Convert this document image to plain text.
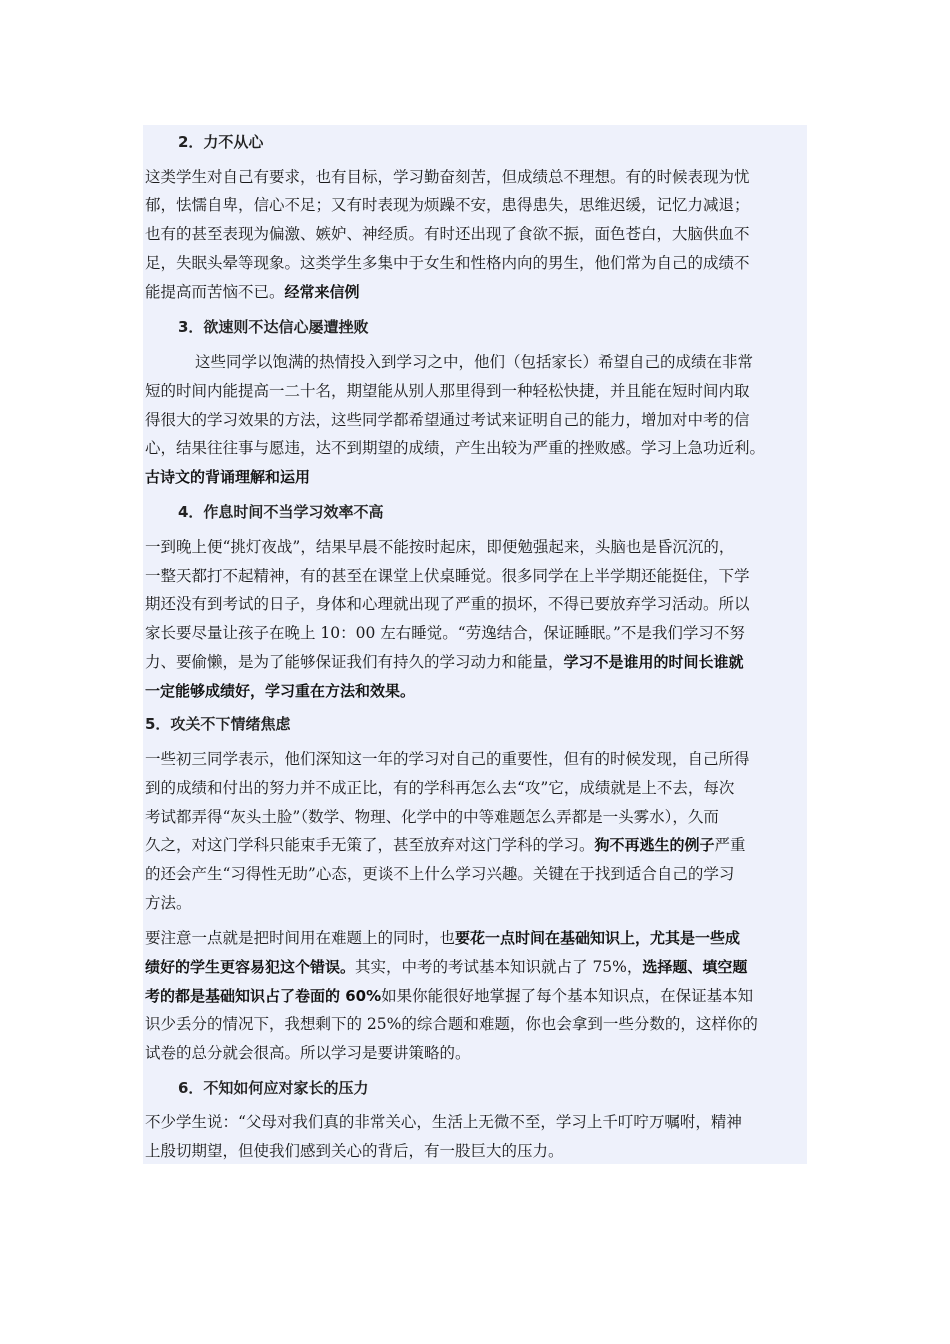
2．力不从心

这类学生对自己有要求，也有目标，学习勤奋刻苦，但成绩总不理想。有的时候表现为忧

郁，怯懦自卑，信心不足；又有时表现为烦躁不安，患得患失，思维迟缓，记忆力减退；

也有的甚至表现为偏激、嫉妒、神经质。有时还出现了食欲不振，面色苍白，大脑供血不

足，失眠头晕等现象。这类学生多集中于女生和性格内向的男生，他们常为自己的成绩不

能提高而苦恼不已。经常来信例

3．欲速则不达信心屡遭挫败

这些同学以饱满的热情投入到学习之中，他们（包括家长）希望自己的成绩在非常

短的时间内能提高一二十名，期望能从别人那里得到一种轻松快捷，并且能在短时间内取

得很大的学习效果的方法，这些同学都希望通过考试来证明自己的能力，增加对中考的信

心，结果往往事与愿违，达不到期望的成绩，产生出较为严重的挫败感。学习上急功近利。

古诗文的背诵理解和运用

4．作息时间不当学习效率不高

一到晚上便“挑灯夜战”，结果早晨不能按时起床，即便勉强起来，头脑也是昏沉沉的，

一整天都打不起精神，有的甚至在课堂上伏桌睡觉。很多同学在上半学期还能挺住，下学

期还没有到考试的日子，身体和心理就出现了严重的损坏，不得已要放弃学习活动。所以

家长要尽量让孩子在晚上 10：00 左右睡觉。“劳逸结合，保证睡眠。”不是我们学习不努

力、要偷懒，是为了能够保证我们有持久的学习动力和能量，学习不是谁用的时间长谁就

一定能够成绩好，学习重在方法和效果。

5．攻关不下情绪焦虑

一些初三同学表示，他们深知这一年的学习对自己的重要性，但有的时候发现，自己所得

到的成绩和付出的努力并不成正比，有的学科再怎么去“攻”它，成绩就是上不去，每次

考试都弄得“灰头土脸”（数学、物理、化学中的中等难题怎么弄都是一头雾水），久而

久之，对这门学科只能束手无策了，甚至放弃对这门学科的学习。狗不再逃生的例子严重

的还会产生“习得性无助”心态，更谈不上什么学习兴趣。关键在于找到适合自己的学习

方法。

要注意一点就是把时间用在难题上的同时，也要花一点时间在基础知识上，尤其是一些成

绩好的学生更容易犯这个错误。其实，中考的考试基本知识就占了 75%，选择题、填空题

考的都是基础知识占了卷面的 60%如果你能很好地掌握了每个基本知识点，在保证基本知

识少丢分的情况下，我想剩下的 25%的综合题和难题，你也会拿到一些分数的，这样你的

试卷的总分就会很高。所以学习是要讲策略的。

6．不知如何应对家长的压力

不少学生说：“父母对我们真的非常关心，生活上无微不至，学习上千叮咛万嘱咐，精神

上殷切期望，但使我们感到关心的背后，有一股巨大的压力。
